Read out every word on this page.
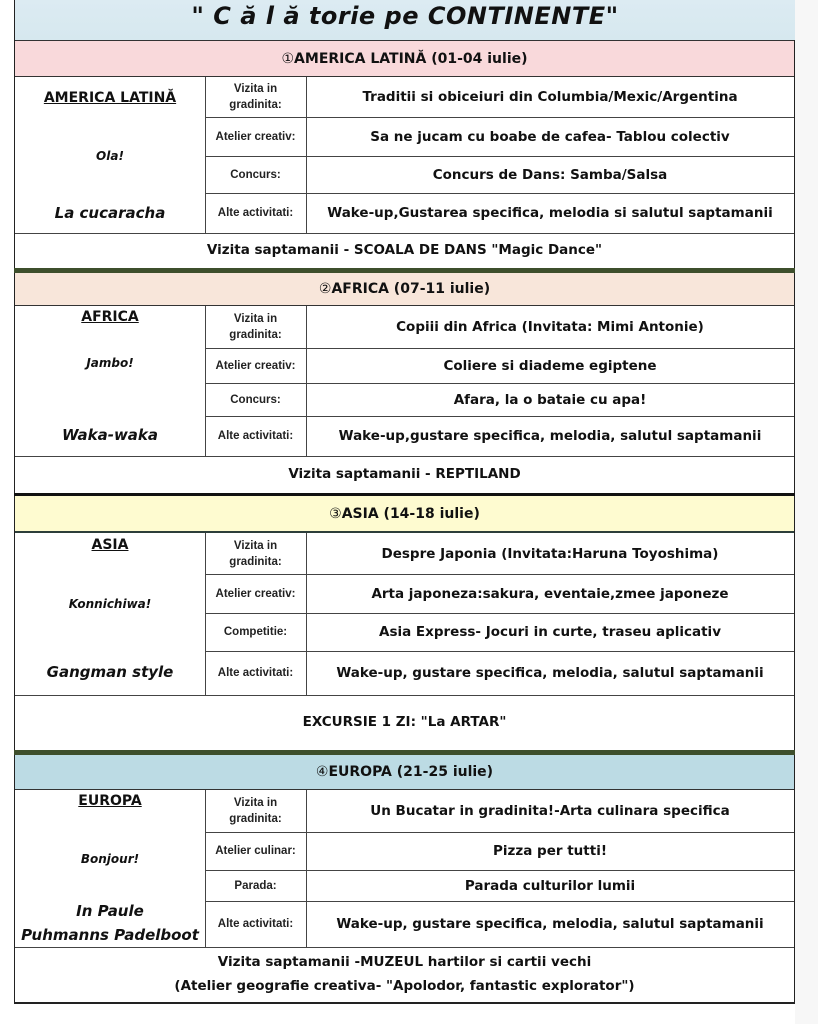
" C ă l ă torie pe CONTINENTE"
① AMERICA LATINĂ (01-04 iulie)
AMERICA LATINĂ
Ola!
La cucaracha
Vizita in gradinita:	Traditii si obiceiuri din Columbia/Mexic/Argentina
Atelier creativ:	Sa ne jucam cu boabe de cafea- Tablou colectiv
Concurs:	Concurs de Dans: Samba/Salsa
Alte activitati:	Wake-up,Gustarea specifica, melodia si salutul saptamanii
Vizita saptamanii - SCOALA DE DANS "Magic Dance"
② AFRICA (07-11 iulie)
AFRICA
Jambo!
Waka-waka
Vizita in gradinita:	Copiii din Africa (Invitata: Mimi Antonie)
Atelier creativ:	Coliere si diademe egiptene
Concurs:	Afara, la o bataie cu apa!
Alte activitati:	Wake-up,gustare specifica, melodia, salutul saptamanii
Vizita saptamanii - REPTILAND
③ ASIA (14-18 iulie)
ASIA
Konnichiwa!
Gangman style
Vizita in gradinita:	Despre Japonia (Invitata:Haruna Toyoshima)
Atelier creativ:	Arta japoneza:sakura, eventaie,zmee japoneze
Competitie:	Asia Express- Jocuri in curte, traseu aplicativ
Alte activitati:	Wake-up, gustare specifica, melodia, salutul saptamanii
EXCURSIE 1 ZI: "La ARTAR"
④ EUROPA (21-25 iulie)
EUROPA
Bonjour!
In Paule
Puhmanns Padelboot
Vizita in gradinita:	Un Bucatar in gradinita!-Arta culinara specifica
Atelier culinar:	Pizza per tutti!
Parada:	Parada culturilor lumii
Alte activitati:	Wake-up, gustare specifica, melodia, salutul saptamanii
Vizita saptamanii -MUZEUL hartilor si cartii vechi
(Atelier geografie creativa- "Apolodor, fantastic explorator")
